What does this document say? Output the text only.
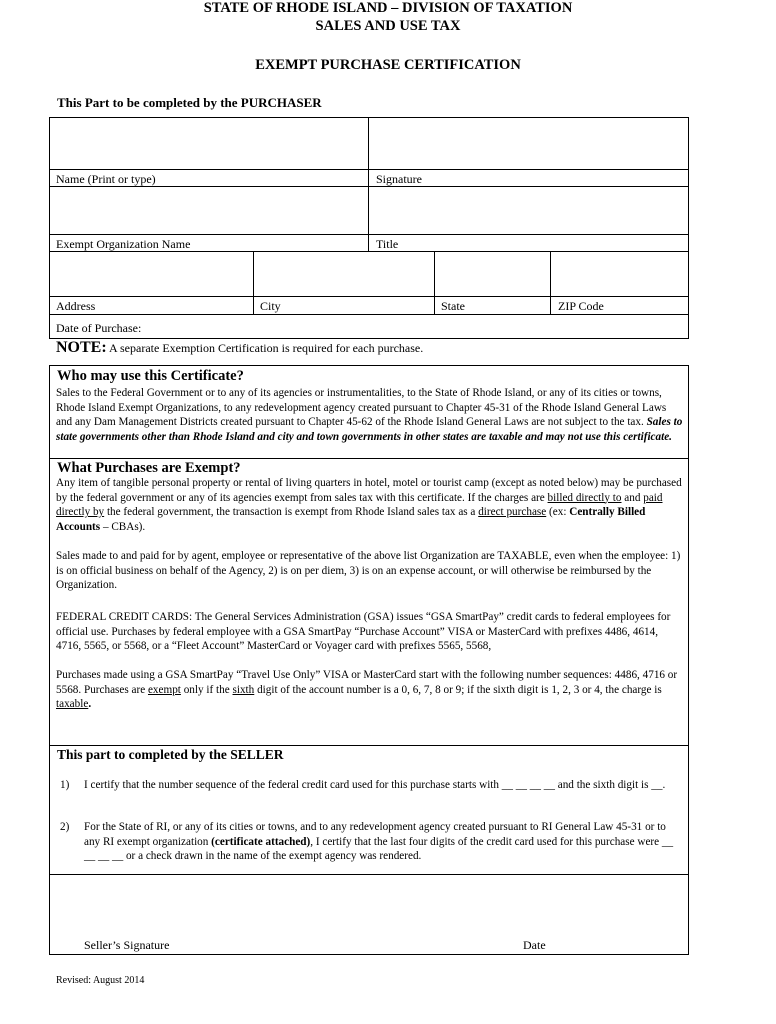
STATE OF RHODE ISLAND – DIVISION OF TAXATION
SALES AND USE TAX
EXEMPT PURCHASE CERTIFICATION
This Part to be completed by the PURCHASER
Name (Print or type)	Signature
Exempt Organization Name	Title
Address	City	State	ZIP Code
Date of Purchase:
NOTE: A separate Exemption Certification is required for each purchase.
Who may use this Certificate?

Sales to the Federal Government or to any of its agencies or instrumentalities, to the State of Rhode Island, or any of its cities or towns, Rhode Island Exempt Organizations, to any redevelopment agency created pursuant to Chapter 45-31 of the Rhode Island General Laws and any Dam Management Districts created pursuant to Chapter 45-62 of the Rhode Island General Laws are not subject to the tax. Sales to state governments other than Rhode Island and city and town governments in other states are taxable and may not use this certificate.

What Purchases are Exempt?

Any item of tangible personal property or rental of living quarters in hotel, motel or tourist camp (except as noted below) may be purchased by the federal government or any of its agencies exempt from sales tax with this certificate. If the charges are billed directly to and paid directly by the federal government, the transaction is exempt from Rhode Island sales tax as a direct purchase (ex: Centrally Billed Accounts – CBAs).

Sales made to and paid for by agent, employee or representative of the above list Organization are TAXABLE, even when the employee: 1) is on official business on behalf of the Agency, 2) is on per diem, 3) is on an expense account, or will otherwise be reimbursed by the Organization.

FEDERAL CREDIT CARDS: The General Services Administration (GSA) issues “GSA SmartPay” credit cards to federal employees for official use. Purchases by federal employee with a GSA SmartPay “Purchase Account” VISA or MasterCard with prefixes 4486, 4614, 4716, 5565, or 5568, or a “Fleet Account” MasterCard or Voyager card with prefixes 5565, 5568,

Purchases made using a GSA SmartPay “Travel Use Only” VISA or MasterCard start with the following number sequences: 4486, 4716 or 5568. Purchases are exempt only if the sixth digit of the account number is a 0, 6, 7, 8 or 9; if the sixth digit is 1, 2, 3 or 4, the charge is taxable.

This part to completed by the SELLER
1) I certify that the number sequence of the federal credit card used for this purchase starts with __ __ __ __ and the sixth digit is __.
2) For the State of RI, or any of its cities or towns, and to any redevelopment agency created pursuant to RI General Law 45-31 or to any RI exempt organization (certificate attached), I certify that the last four digits of the credit card used for this purchase were __ __ __ __ or a check drawn in the name of the exempt agency was rendered.
Seller’s Signature	Date
Revised: August 2014
